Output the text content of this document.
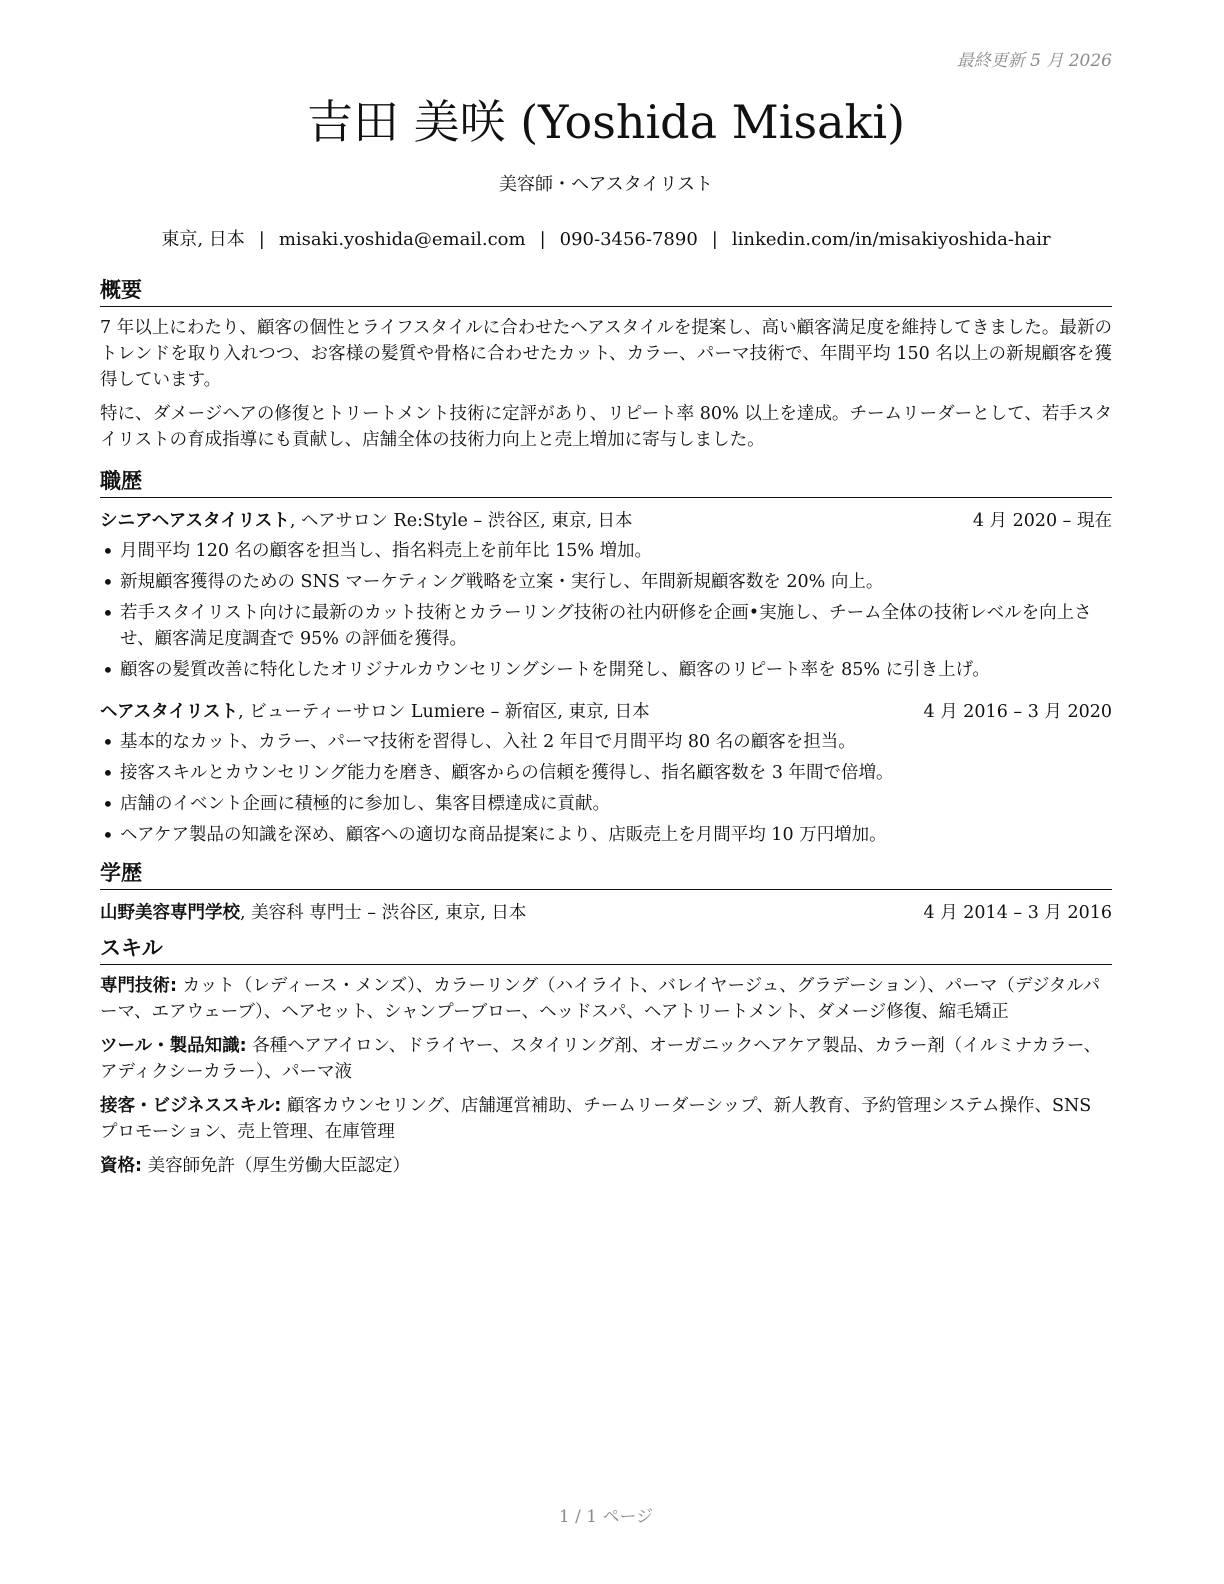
最終更新 5 月 2026
吉田 美咲 (Yoshida Misaki)
美容師・ヘアスタイリスト
東京, 日本 | misaki.yoshida@email.com | 090-3456-7890 | linkedin.com/in/misakiyoshida-hair
概要

7 年以上にわたり、顧客の個性とライフスタイルに合わせたヘアスタイルを提案し、高い顧客満足度を維持してきました。最新のトレンドを取り入れつつ、お客様の髪質や骨格に合わせたカット、カラー、パーマ技術で、年間平均 150 名以上の新規顧客を獲得しています。

特に、ダメージヘアの修復とトリートメント技術に定評があり、リピート率 80% 以上を達成。チームリーダーとして、若手スタイリストの育成指導にも貢献し、店舗全体の技術力向上と売上増加に寄与しました。

職歴
シニアヘアスタイリスト, ヘアサロン Re:Style – 渋谷区, 東京, 日本	4 月 2020 – 現在
• 月間平均 120 名の顧客を担当し、指名料売上を前年比 15% 増加。
• 新規顧客獲得のための SNS マーケティング戦略を立案・実行し、年間新規顧客数を 20% 向上。
• 若手スタイリスト向けに最新のカット技術とカラーリング技術の社内研修を企画•実施し、チーム全体の技術レベルを向上させ、顧客満足度調査で 95% の評価を獲得。
• 顧客の髪質改善に特化したオリジナルカウンセリングシートを開発し、顧客のリピート率を 85% に引き上げ。
ヘアスタイリスト, ビューティーサロン Lumiere – 新宿区, 東京, 日本	4 月 2016 – 3 月 2020
• 基本的なカット、カラー、パーマ技術を習得し、入社 2 年目で月間平均 80 名の顧客を担当。
• 接客スキルとカウンセリング能力を磨き、顧客からの信頼を獲得し、指名顧客数を 3 年間で倍増。
• 店舗のイベント企画に積極的に参加し、集客目標達成に貢献。
• ヘアケア製品の知識を深め、顧客への適切な商品提案により、店販売上を月間平均 10 万円増加。
学歴
山野美容専門学校, 美容科 専門士 – 渋谷区, 東京, 日本	4 月 2014 – 3 月 2016
スキル

専門技術: カット（レディース・メンズ）、カラーリング（ハイライト、バレイヤージュ、グラデーション）、パーマ（デジタルパーマ、エアウェーブ）、ヘアセット、シャンプーブロー、ヘッドスパ、ヘアトリートメント、ダメージ修復、縮毛矯正

ツール・製品知識: 各種ヘアアイロン、ドライヤー、スタイリング剤、オーガニックヘアケア製品、カラー剤（イルミナカラー、アディクシーカラー）、パーマ液

接客・ビジネススキル: 顧客カウンセリング、店舗運営補助、チームリーダーシップ、新人教育、予約管理システム操作、SNS プロモーション、売上管理、在庫管理

資格: 美容師免許（厚生労働大臣認定）

1 / 1 ページ
